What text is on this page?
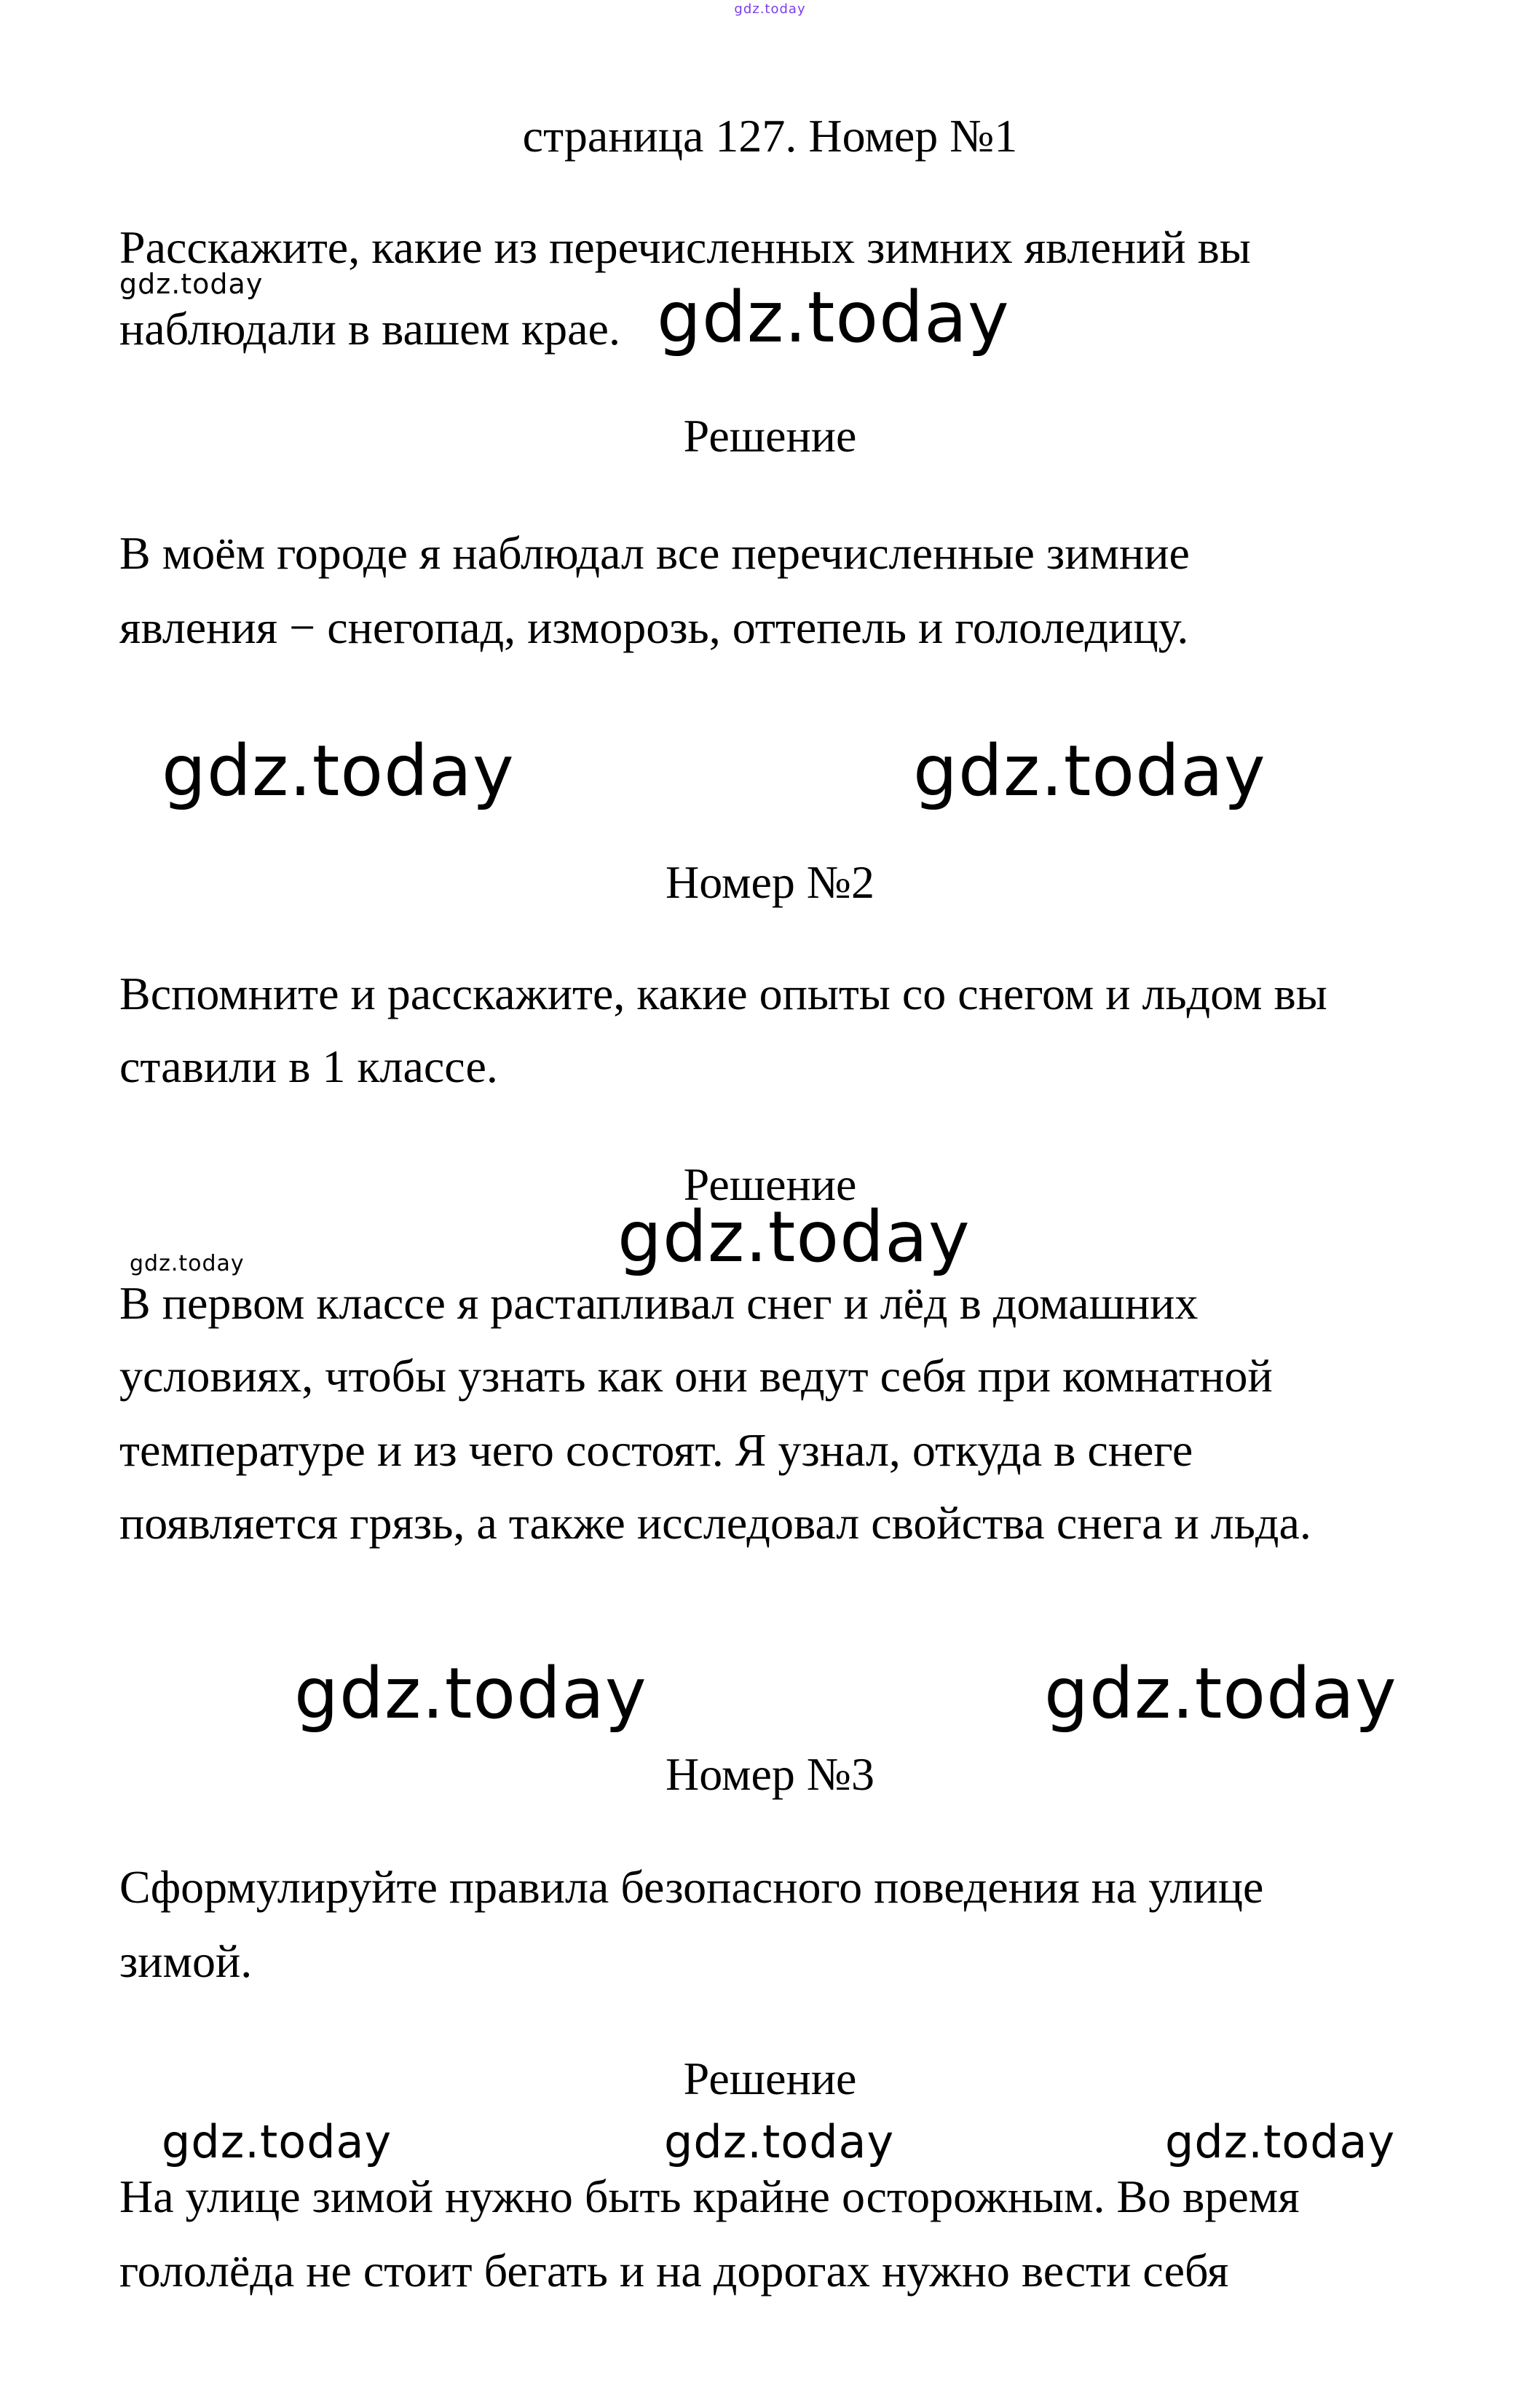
gdz.today
страница 127. Номер №1
Расскажите, какие из перечисленных зимних явлений вы
gdz.today
наблюдали в вашем крае. gdz.today
Решение
В моём городе я наблюдал все перечисленные зимние
явления − снегопад, изморозь, оттепель и гололедицу.
gdz.today	gdz.today
Номер №2
Вспомните и расскажите, какие опыты со снегом и льдом вы
ставили в 1 классе.
Решение
gdz.today
gdz.today
В первом классе я растапливал снег и лёд в домашних
условиях, чтобы узнать как они ведут себя при комнатной
температуре и из чего состоят. Я узнал, откуда в снеге
появляется грязь, а также исследовал свойства снега и льда.
gdz.today	gdz.today
Номер №3
Сформулируйте правила безопасного поведения на улице
зимой.
Решение
gdz.today	gdz.today	gdz.today
На улице зимой нужно быть крайне осторожным. Во время
гололёда не стоит бегать и на дорогах нужно вести себя
